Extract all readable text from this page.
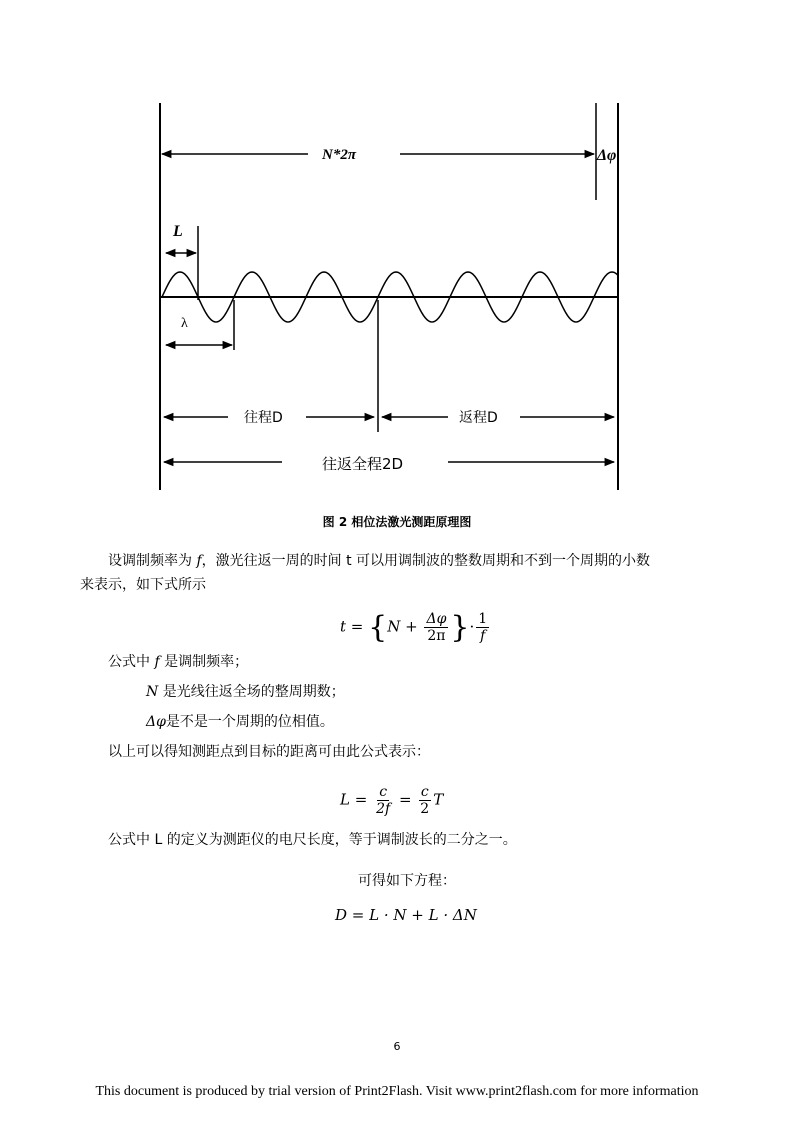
N*2π	Δφ
L
λ
往程D	返程D
往返全程2D
图 2 相位法激光测距原理图
设调制频率为 f，激光往返一周的时间 t 可以用调制波的整数周期和不到一个周期的小数
来表示，如下式所示
$t = \{N + \frac{\Delta\varphi}{2\pi}$ }· $\frac{1}{f}$
公式中 f 是调制频率；
N 是光线往返全场的整周期数；
Δφ是不是一个周期的位相值。
以上可以得知测距点到目标的距离可由此公式表示：
$L = \frac{c}{2f} = \frac{c}{2}$ T
公式中 L 的定义为测距仪的电尺长度，等于调制波长的二分之一。
可得如下方程：
D = L · N + L · ΔN
6
This document is produced by trial version of Print2Flash. Visit www.print2flash.com for more information
